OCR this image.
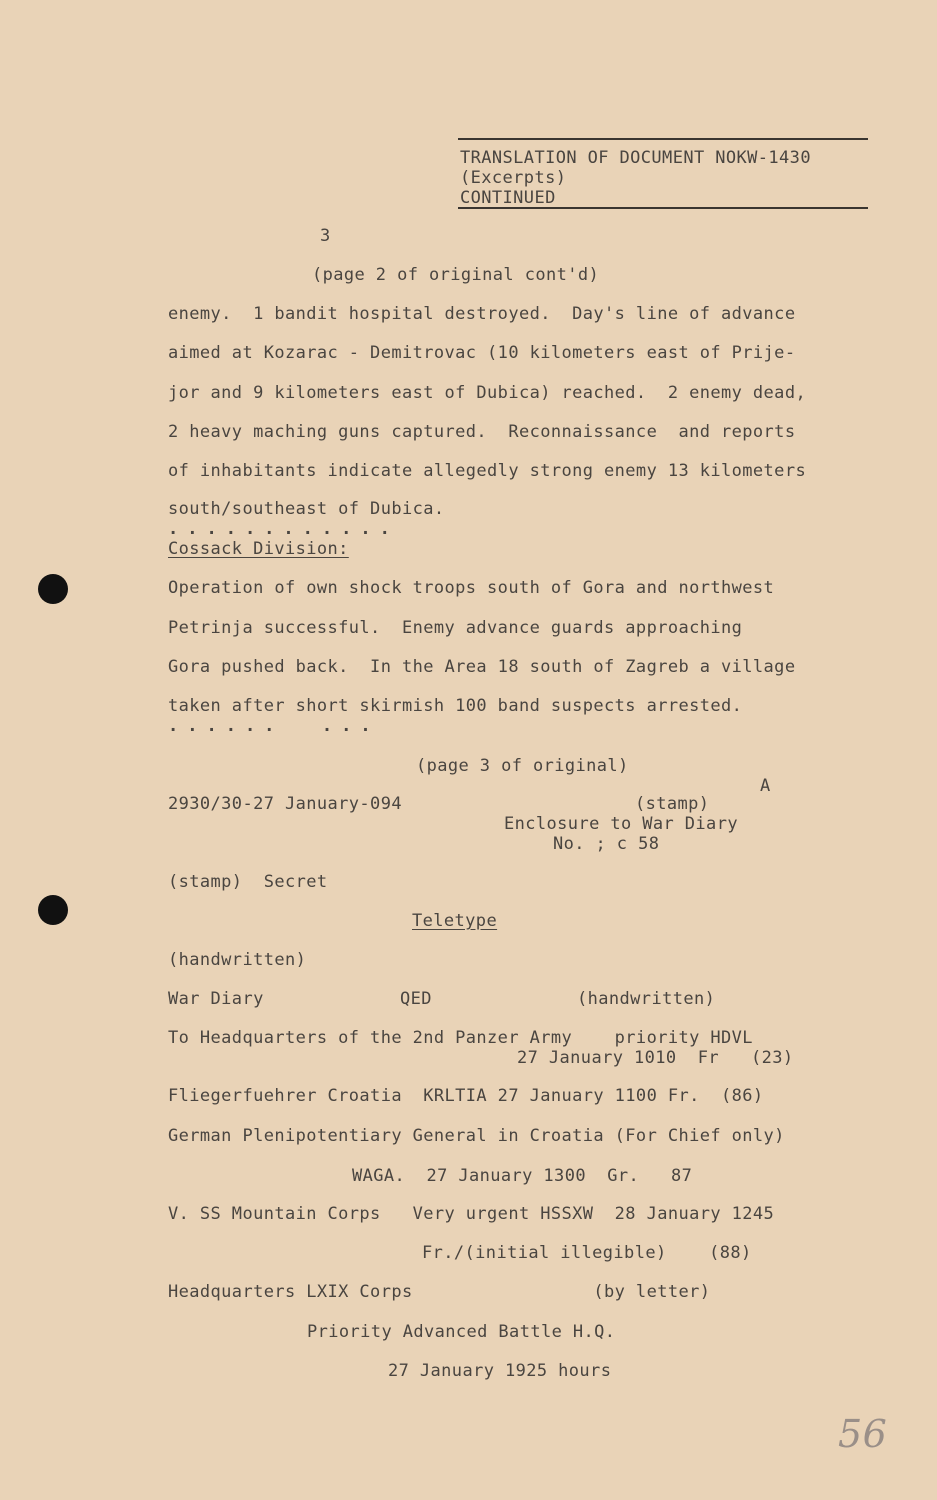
TRANSLATION OF DOCUMENT NOKW-1430
(Excerpts)
CONTINUED
3
(page 2 of original cont'd)
enemy.  1 bandit hospital destroyed.  Day's line of advance
aimed at Kozarac - Demitrovac (10 kilometers east of Prije-
jor and 9 kilometers east of Dubica) reached.  2 enemy dead,
2 heavy maching guns captured.  Reconnaissance  and reports
of inhabitants indicate allegedly strong enemy 13 kilometers
south/southeast of Dubica.
............
Cossack Division:
Operation of own shock troops south of Gora and northwest
Petrinja successful.  Enemy advance guards approaching
Gora pushed back.  In the Area 18 south of Zagreb a village
taken after short skirmish 100 band suspects arrested.
......  ...
(page 3 of original)
A
2930/30-27 January-094	(stamp)
Enclosure to War Diary
No. ; c 58
(stamp)  Secret
Teletype
(handwritten)
War Diary	QED	(handwritten)
To Headquarters of the 2nd Panzer Army    priority HDVL
27 January 1010  Fr   (23)
Fliegerfuehrer Croatia  KRLTIA 27 January 1100 Fr.  (86)
German Plenipotentiary General in Croatia (For Chief only)
WAGA.  27 January 1300  Gr.   87
V. SS Mountain Corps   Very urgent HSSXW  28 January 1245
Fr./(initial illegible)    (88)
Headquarters LXIX Corps                 (by letter)
Priority Advanced Battle H.Q.
27 January 1925 hours
56
